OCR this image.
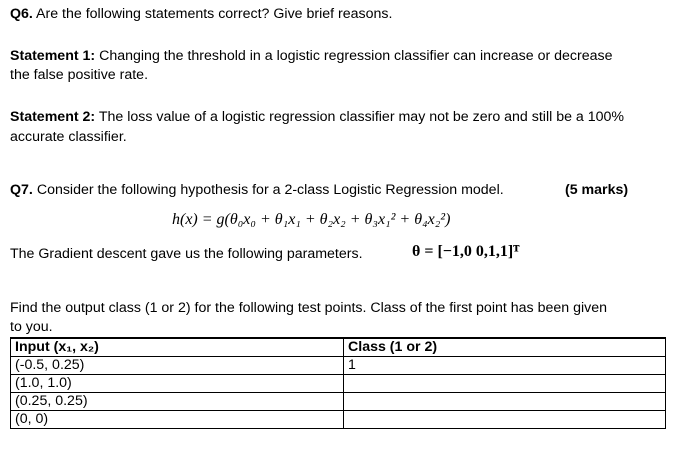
Q6. Are the following statements correct? Give brief reasons.
Statement 1: Changing the threshold in a logistic regression classifier can increase or decrease
the false positive rate.
Statement 2: The loss value of a logistic regression classifier may not be zero and still be a 100%
accurate classifier.
Q7. Consider the following hypothesis for a 2-class Logistic Regression model.	(5 marks)
h(x) = g(θ₀x₀ + θ₁x₁ + θ₂x₂ + θ₃x₁² + θ₄x₂²)
The Gradient descent gave us the following parameters.	θ = [−1,0 0,1,1]ᵀ
Find the output class (1 or 2) for the following test points. Class of the first point has been given
to you.
Input (x₁, x₂)	Class (1 or 2)
(-0.5, 0.25)	1
(1.0, 1.0)	
(0.25, 0.25)	
(0, 0)	
